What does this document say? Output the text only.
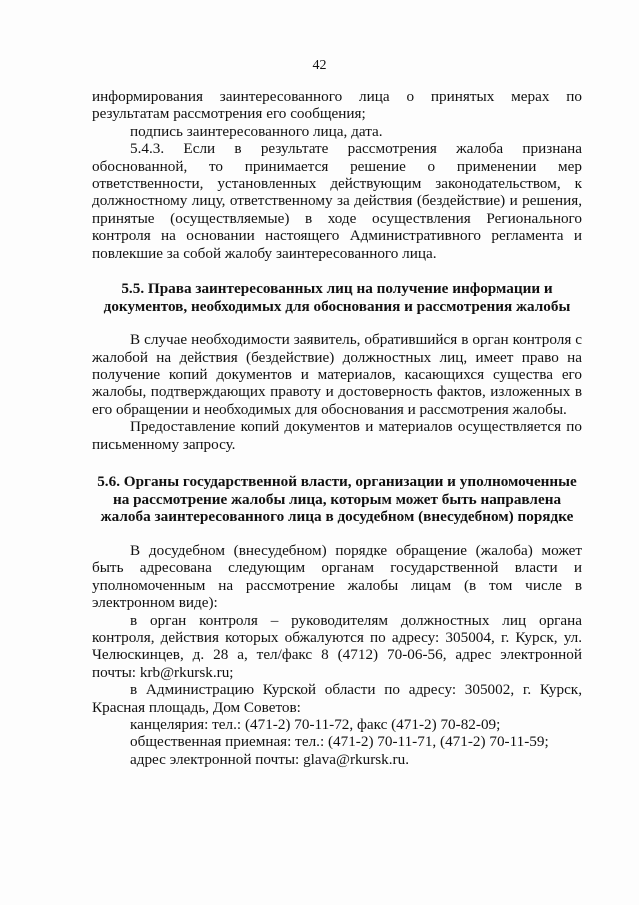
42

информирования заинтересованного лица о принятых мерах по результатам рассмотрения его сообщения;

подпись заинтересованного лица, дата.

5.4.3. Если в результате рассмотрения жалоба признана обоснованной, то принимается решение о применении мер ответственности, установленных действующим законодательством, к должностному лицу, ответственному за действия (бездействие) и решения, принятые (осуществляемые) в ходе осуществления Регионального контроля на основании настоящего Административного регламента и повлекшие за собой жалобу заинтересованного лица.

5.5. Права заинтересованных лиц на получение информации и документов, необходимых для обоснования и рассмотрения жалобы

В случае необходимости заявитель, обратившийся в орган контроля с жалобой на действия (бездействие) должностных лиц, имеет право на получение копий документов и материалов, касающихся существа его жалобы, подтверждающих правоту и достоверность фактов, изложенных в его обращении и необходимых для обоснования и рассмотрения жалобы.

Предоставление копий документов и материалов осуществляется по письменному запросу.

5.6. Органы государственной власти, организации и уполномоченные на рассмотрение жалобы лица, которым может быть направлена жалоба заинтересованного лица в досудебном (внесудебном) порядке

В досудебном (внесудебном) порядке обращение (жалоба) может быть адресована следующим органам государственной власти и уполномоченным на рассмотрение жалобы лицам (в том числе в электронном виде):

в орган контроля – руководителям должностных лиц органа контроля, действия которых обжалуются по адресу: 305004, г. Курск, ул. Челюскинцев, д. 28 а, тел/факс 8 (4712) 70-06-56, адрес электронной почты: krb@rkursk.ru;

в Администрацию Курской области по адресу: 305002, г. Курск, Красная площадь, Дом Советов:

канцелярия: тел.: (471-2) 70-11-72, факс (471-2) 70-82-09;

общественная приемная: тел.: (471-2) 70-11-71, (471-2) 70-11-59;

адрес электронной почты: glava@rkursk.ru.
